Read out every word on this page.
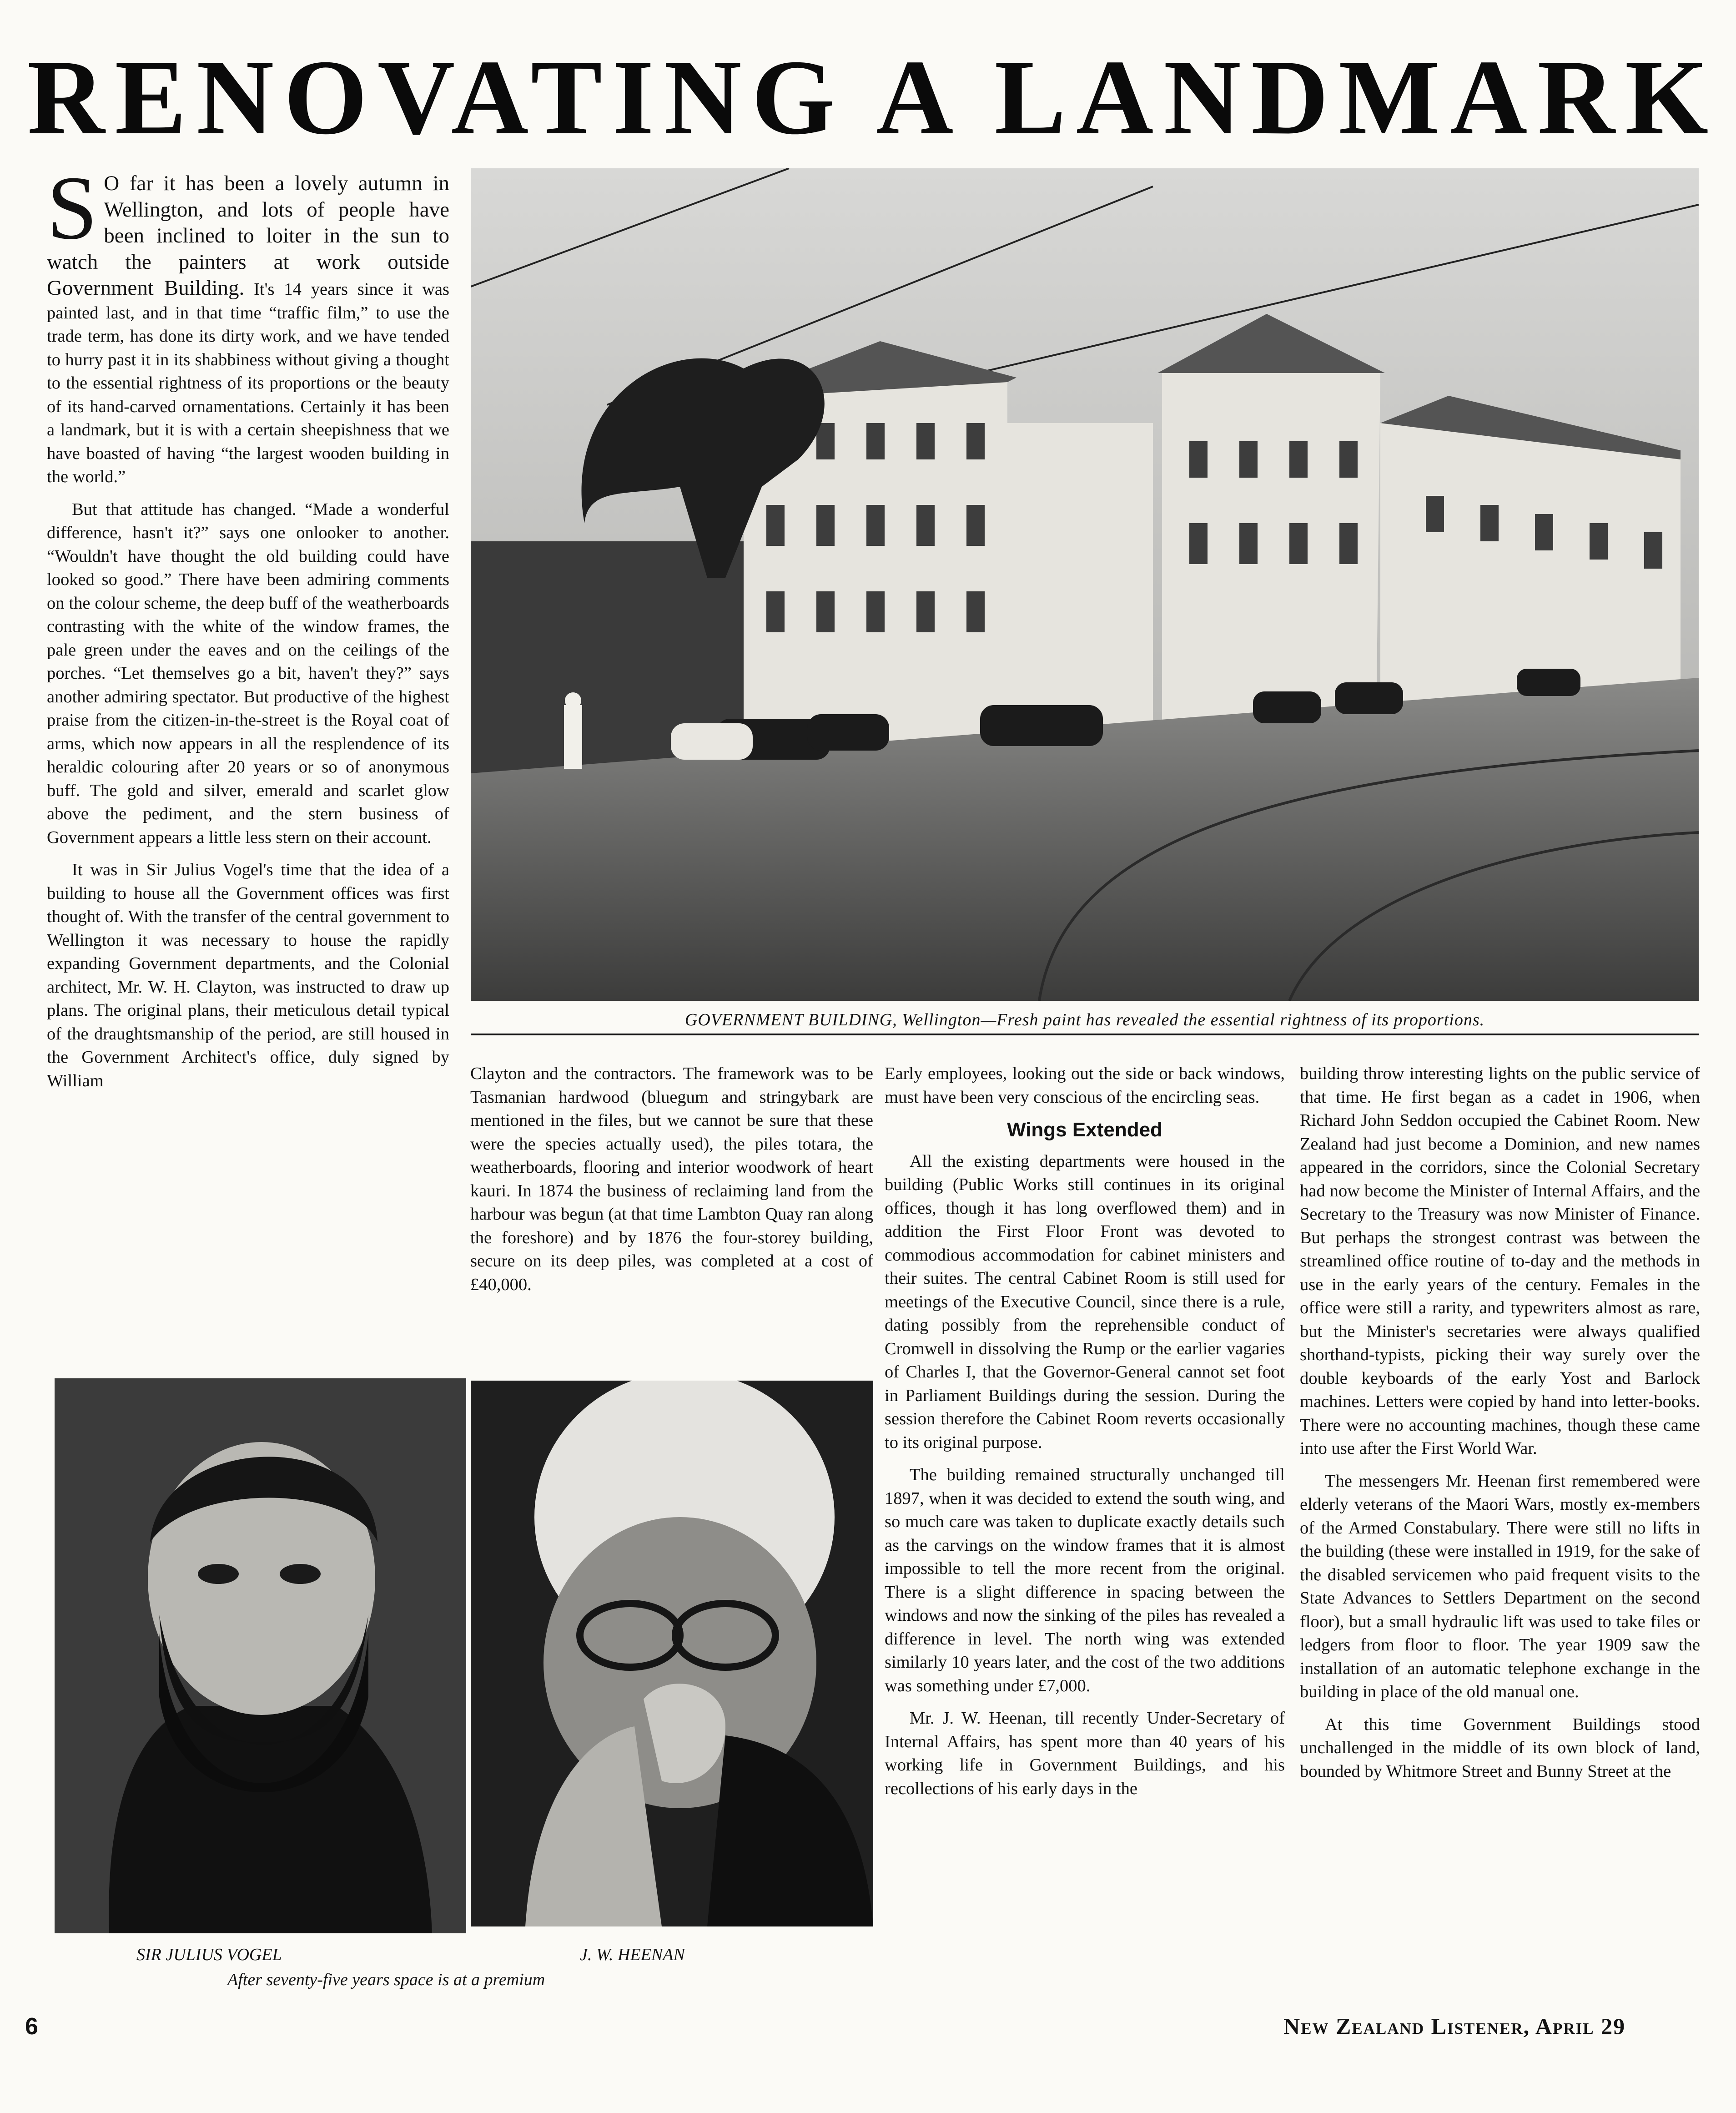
RENOVATING A LANDMARK

S O far it has been a lovely autumn in Wellington, and lots of people have been inclined to loiter in the sun to watch the painters at work outside Government Building. It's 14 years since it was painted last, and in that time “traffic film,” to use the trade term, has done its dirty work, and we have tended to hurry past it in its shabbiness without giving a thought to the essential rightness of its proportions or the beauty of its hand-carved ornamentations. Certainly it has been a landmark, but it is with a certain sheepishness that we have boasted of having “the largest wooden building in the world.”

But that attitude has changed. “Made a wonderful difference, hasn't it?” says one onlooker to another. “Wouldn't have thought the old building could have looked so good.” There have been admiring comments on the colour scheme, the deep buff of the weatherboards contrasting with the white of the window frames, the pale green under the eaves and on the ceilings of the porches. “Let themselves go a bit, haven't they?” says another admiring spectator. But productive of the highest praise from the citizen-in-the-street is the Royal coat of arms, which now appears in all the resplendence of its heraldic colouring after 20 years or so of anonymous buff. The gold and silver, emerald and scarlet glow above the pediment, and the stern business of Government appears a little less stern on their account.

It was in Sir Julius Vogel's time that the idea of a building to house all the Government offices was first thought of. With the transfer of the central government to Wellington it was necessary to house the rapidly expanding Government departments, and the Colonial architect, Mr. W. H. Clayton, was instructed to draw up plans. The original plans, their meticulous detail typical of the draughtsmanship of the period, are still housed in the Government Architect's office, duly signed by William

GOVERNMENT BUILDING, Wellington—Fresh paint has revealed the essential rightness of its proportions.

Clayton and the contractors. The framework was to be Tasmanian hardwood (bluegum and stringybark are mentioned in the files, but we cannot be sure that these were the species actually used), the piles totara, the weatherboards, flooring and interior woodwork of heart kauri. In 1874 the business of reclaiming land from the harbour was begun (at that time Lambton Quay ran along the foreshore) and by 1876 the four-storey building, secure on its deep piles, was completed at a cost of £40,000.

Early employees, looking out the side or back windows, must have been very conscious of the encircling seas.

Wings Extended

All the existing departments were housed in the building (Public Works still continues in its original offices, though it has long overflowed them) and in addition the First Floor Front was devoted to commodious accommodation for cabinet ministers and their suites. The central Cabinet Room is still used for meetings of the Executive Council, since there is a rule, dating possibly from the reprehensible conduct of Cromwell in dissolving the Rump or the earlier vagaries of Charles I, that the Governor-General cannot set foot in Parliament Buildings during the session. During the session therefore the Cabinet Room reverts occasionally to its original purpose.

The building remained structurally unchanged till 1897, when it was decided to extend the south wing, and so much care was taken to duplicate exactly details such as the carvings on the window frames that it is almost impossible to tell the more recent from the original. There is a slight difference in spacing between the windows and now the sinking of the piles has revealed a difference in level. The north wing was extended similarly 10 years later, and the cost of the two additions was something under £7,000.

Mr. J. W. Heenan, till recently Under-Secretary of Internal Affairs, has spent more than 40 years of his working life in Government Buildings, and his recollections of his early days in the

building throw interesting lights on the public service of that time. He first began as a cadet in 1906, when Richard John Seddon occupied the Cabinet Room. New Zealand had just become a Dominion, and new names appeared in the corridors, since the Colonial Secretary had now become the Minister of Internal Affairs, and the Secretary to the Treasury was now Minister of Finance. But perhaps the strongest contrast was between the streamlined office routine of to-day and the methods in use in the early years of the century. Females in the office were still a rarity, and typewriters almost as rare, but the Minister's secretaries were always qualified shorthand-typists, picking their way surely over the double keyboards of the early Yost and Barlock machines. Letters were copied by hand into letter-books. There were no accounting machines, though these came into use after the First World War.

The messengers Mr. Heenan first remembered were elderly veterans of the Maori Wars, mostly ex-members of the Armed Constabulary. There were still no lifts in the building (these were installed in 1919, for the sake of the disabled servicemen who paid frequent visits to the State Advances to Settlers Department on the second floor), but a small hydraulic lift was used to take files or ledgers from floor to floor. The year 1909 saw the installation of an automatic telephone exchange in the building in place of the old manual one.

At this time Government Buildings stood unchallenged in the middle of its own block of land, bounded by Whitmore Street and Bunny Street at the

SIR JULIUS VOGEL	J. W. HEENAN
After seventy-five years space is at a premium
6	New Zealand Listener, April 29
